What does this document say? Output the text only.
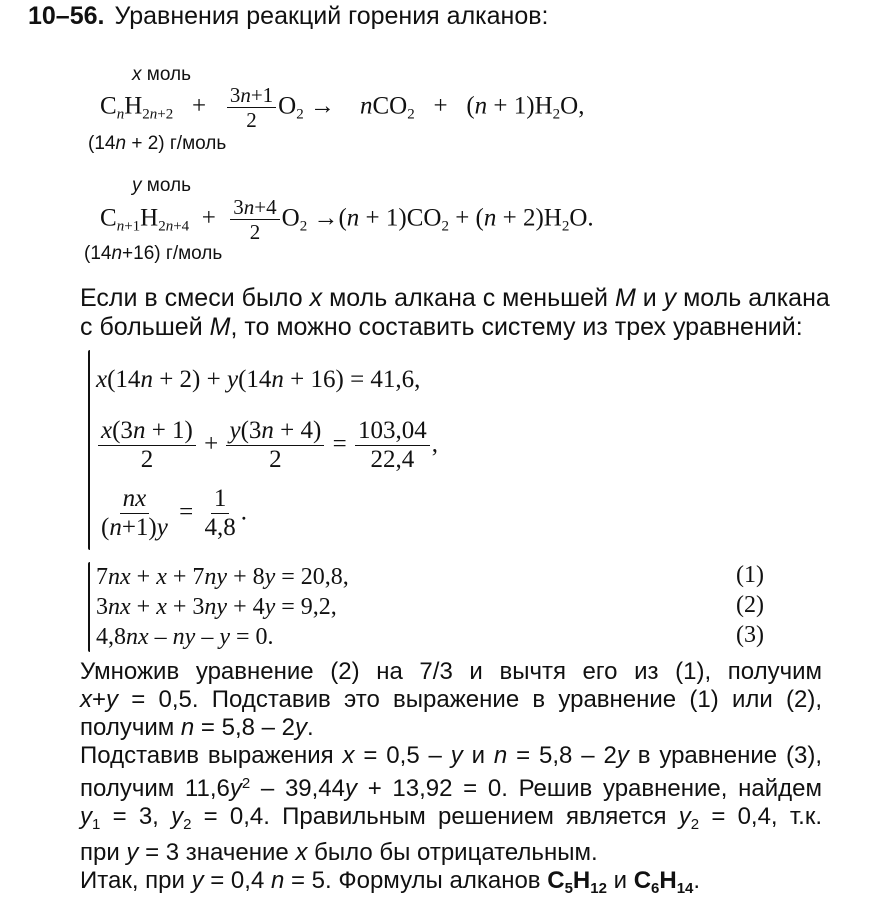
10–56. Уравнения реакций горения алканов:
x моль
$C_nH_{2n+2} + \frac{3n+1}{2} O_2$ →    $nCO_2 + (n + 1)H_2O$,
(14n + 2) г/моль
y моль
$C_{n+1}H_{2n+4} + \frac{3n+4}{2} O_2 \to(n + 1)CO_2 + (n + 2)H_2O$.
(14n+16) г/моль
Если в смеси было x моль алкана с меньшей M и y моль алкана
с большей M, то можно составить систему из трех уравнений:
x(14n + 2) + y(14n + 16) = 41,6,
$\frac{x(3n + 1)}{2} + \frac{y(3n + 4)}{2} = \frac{103,04}{22,4}$ ,
$\frac{nx}{(n+1)y} = \frac{1}{4,8}$ .
7nx + x + 7ny + 8y = 20,8,
3nx + x + 3ny + 4y = 9,2,
4,8nx – ny – y = 0.
(1)
(2)
(3)
Умножив уравнение (2) на 7/3 и вычтя его из (1), получим
x+y = 0,5. Подставив это выражение в уравнение (1) или (2),
получим n = 5,8 – 2y.
Подставив выражения x = 0,5 – y и n = 5,8 – 2y в уравнение (3),
получим $11,6y^2 - 39,44y + 13,92 = 0$. Решив уравнение, найдем
$y_1 = 3$, $y_2 = 0,4$. Правильным решением является $y_2 = 0,4$, т.к.
при y = 3 значение x было бы отрицательным.
Итак, при y = 0,4 n = 5. Формулы алканов $C_5H_{12}$ и $C_6H_{14}$.
